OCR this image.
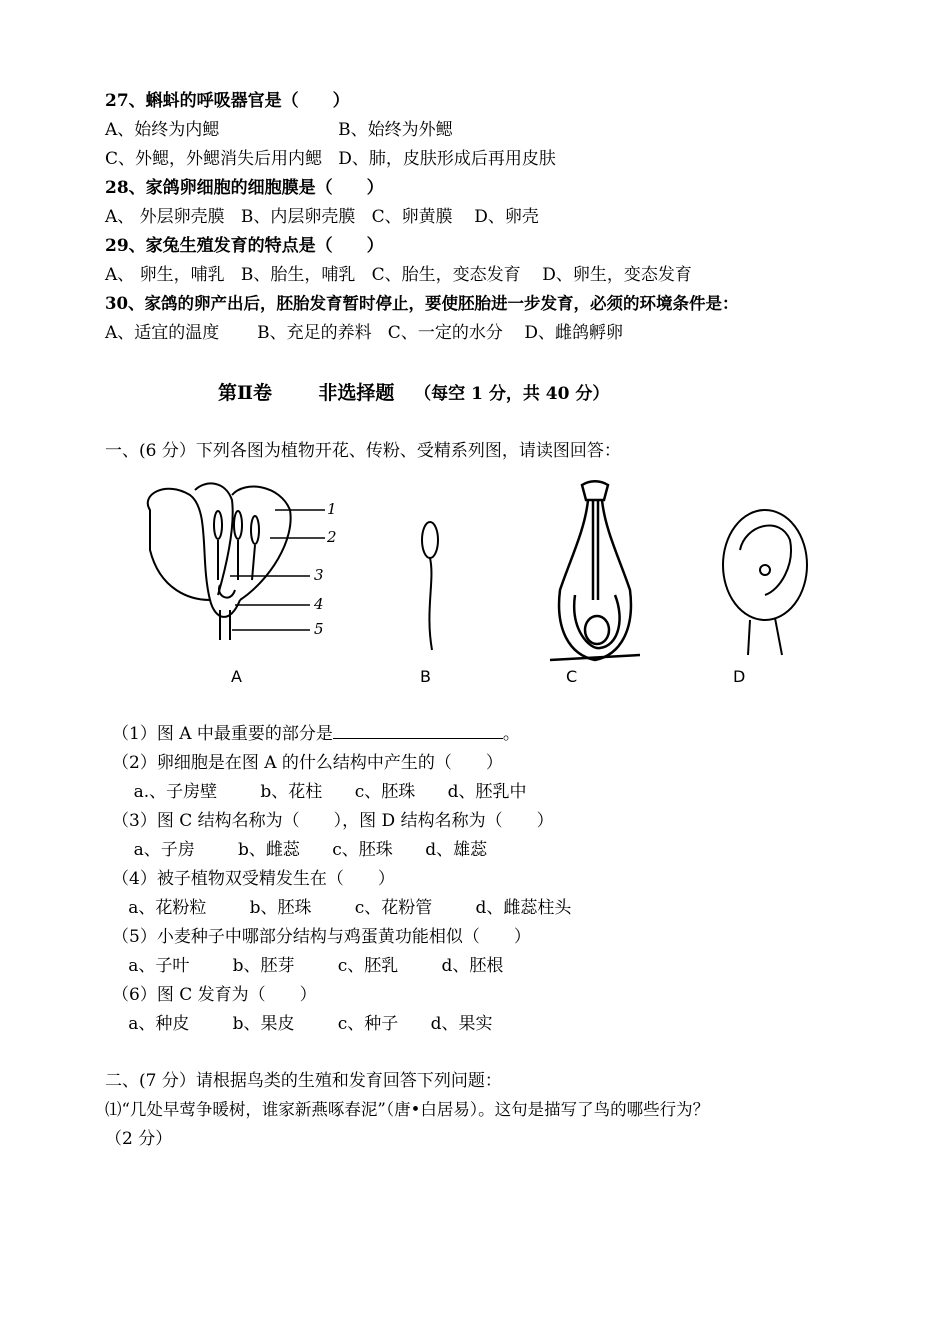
27、蝌蚪的呼吸器官是（　　）
A、始终为内鳃                      B、始终为外鳃
C、外鳃，外鳃消失后用内鳃   D、肺，皮肤形成后再用皮肤
28、家鸽卵细胞的细胞膜是（　　）
A、 外层卵壳膜   B、内层卵壳膜   C、卵黄膜    D、卵壳
29、家兔生殖发育的特点是（　　）
A、 卵生，哺乳   B、胎生，哺乳   C、胎生，变态发育    D、卵生，变态发育
30、家鸽的卵产出后，胚胎发育暂时停止，要使胚胎进一步发育，必须的环境条件是：
A、适宜的温度       B、充足的养料   C、一定的水分    D、雌鸽孵卵
第Ⅱ卷       非选择题 （每空 1 分，共 40 分）
一、(6 分）下列各图为植物开花、传粉、受精系列图，请读图回答：
1
2
3
4
5
A	B	C	D
（1）图 A 中最重要的部分是	。
（2）卵细胞是在图 A 的什么结构中产生的（　　）
a.、子房壁        b、花柱      c、胚珠      d、胚乳中
（3）图 C 结构名称为（　　），图 D 结构名称为（　　）
a、子房        b、雌蕊      c、胚珠      d、雄蕊
（4）被子植物双受精发生在（　　）
a、花粉粒        b、胚珠        c、花粉管        d、雌蕊柱头
（5）小麦种子中哪部分结构与鸡蛋黄功能相似（　　）
a、子叶        b、胚芽        c、胚乳        d、胚根
（6）图 C 发育为（　　）
a、种皮        b、果皮        c、种子      d、果实
二、(7 分）请根据鸟类的生殖和发育回答下列问题：
⑴“几处早莺争暖树，谁家新燕啄春泥”（唐•白居易）。这句是描写了鸟的哪些行为？
（2 分）
